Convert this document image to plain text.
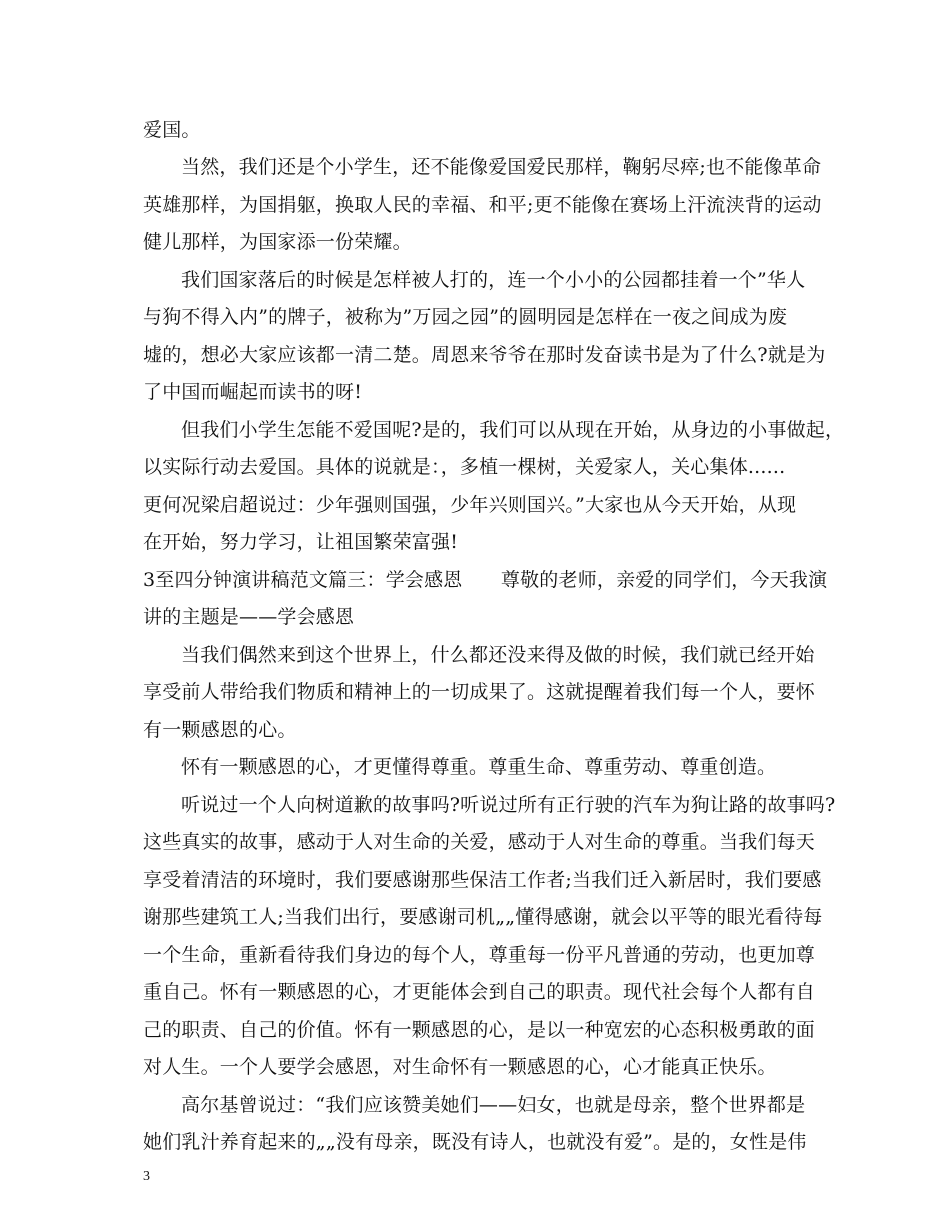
爱国。
当然，我们还是个小学生，还不能像爱国爱民那样，鞠躬尽瘁;也不能像革命
英雄那样，为国捐躯，换取人民的幸福、和平;更不能像在赛场上汗流浃背的运动
健儿那样，为国家添一份荣耀。
我们国家落后的时候是怎样被人打的，连一个小小的公园都挂着一个”华人
与狗不得入内”的牌子，被称为”万园之园”的圆明园是怎样在一夜之间成为废
墟的，想必大家应该都一清二楚。周恩来爷爷在那时发奋读书是为了什么?就是为
了中国而崛起而读书的呀!
但我们小学生怎能不爱国呢?是的，我们可以从现在开始，从身边的小事做起，
以实际行动去爱国。具体的说就是：，多植一棵树，关爱家人，关心集体......
更何况梁启超说过：少年强则国强，少年兴则国兴。”大家也从今天开始，从现
在开始，努力学习，让祖国繁荣富强!
3至四分钟演讲稿范文篇三：学会感恩　　尊敬的老师，亲爱的同学们，今天我演
讲的主题是——学会感恩
当我们偶然来到这个世界上，什么都还没来得及做的时候，我们就已经开始
享受前人带给我们物质和精神上的一切成果了。这就提醒着我们每一个人，要怀
有一颗感恩的心。
怀有一颗感恩的心，才更懂得尊重。尊重生命、尊重劳动、尊重创造。
听说过一个人向树道歉的故事吗?听说过所有正行驶的汽车为狗让路的故事吗?
这些真实的故事，感动于人对生命的关爱，感动于人对生命的尊重。当我们每天
享受着清洁的环境时，我们要感谢那些保洁工作者;当我们迁入新居时，我们要感
谢那些建筑工人;当我们出行，要感谢司机„„懂得感谢，就会以平等的眼光看待每
一个生命，重新看待我们身边的每个人，尊重每一份平凡普通的劳动，也更加尊
重自己。怀有一颗感恩的心，才更能体会到自己的职责。现代社会每个人都有自
己的职责、自己的价值。怀有一颗感恩的心，是以一种宽宏的心态积极勇敢的面
对人生。一个人要学会感恩，对生命怀有一颗感恩的心，心才能真正快乐。
高尔基曾说过：“我们应该赞美她们——妇女，也就是母亲，整个世界都是
她们乳汁养育起来的„„没有母亲，既没有诗人，也就没有爱”。是的，女性是伟
3
